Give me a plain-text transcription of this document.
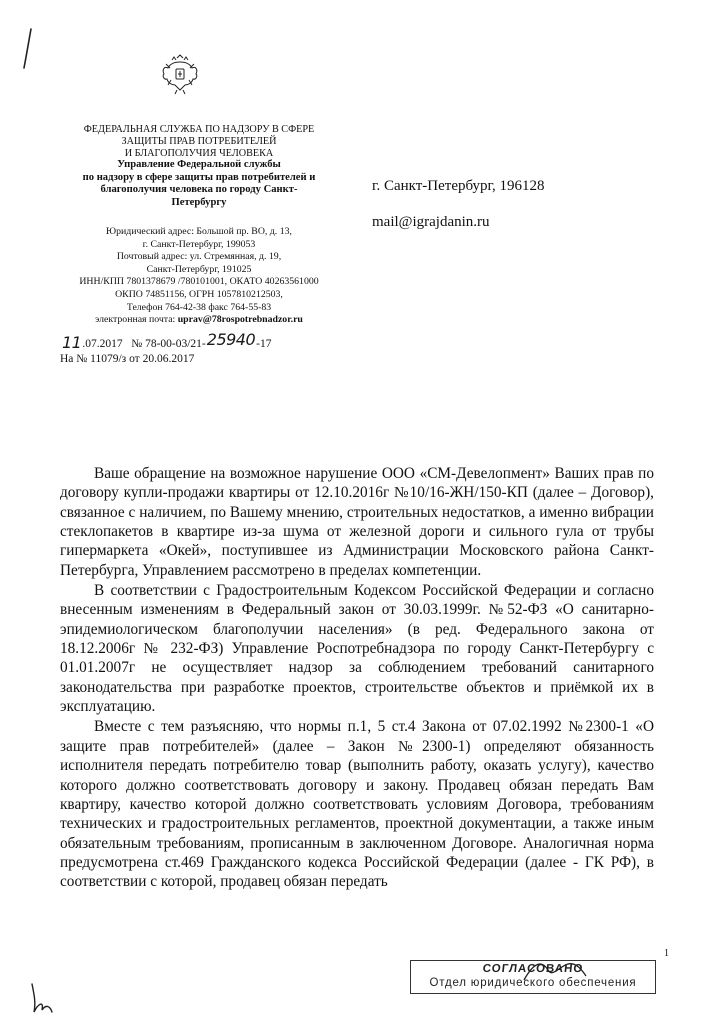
ФЕДЕРАЛЬНАЯ СЛУЖБА ПО НАДЗОРУ В СФЕРЕ
ЗАЩИТЫ ПРАВ ПОТРЕБИТЕЛЕЙ
И БЛАГОПОЛУЧИЯ ЧЕЛОВЕКА
Управление Федеральной службы
по надзору в сфере защиты прав потребителей и
благополучия человека по городу Санкт-
Петербургу
Юридический адрес: Большой пр. ВО, д. 13,
г. Санкт-Петербург, 199053
Почтовый адрес: ул. Стремянная, д. 19,
Санкт-Петербург, 191025
ИНН/КПП 7801378679 /780101001, ОКАТО 40263561000
ОКПО 74851156, ОГРН 1057810212503,
Телефон 764-42-38 факс 764-55-83
электронная почта: uprav@78rospotrebnadzor.ru
г. Санкт-Петербург, 196128
mail@igrajdanin.ru
11.07.2017 № 78-00-03/21-25940-17
На № 11079/з от 20.06.2017

Ваше обращение на возможное нарушение ООО «СМ-Девелопмент» Ваших прав по договору купли-продажи квартиры от 12.10.2016г №10/16-ЖН/150-КП (далее – Договор), связанное с наличием, по Вашему мнению, строительных недостатков, а именно вибрации стеклопакетов в квартире из-за шума от железной дороги и сильного гула от трубы гипермаркета «Окей», поступившее из Администрации Московского района Санкт-Петербурга, Управлением рассмотрено в пределах компетенции.

В соответствии с Градостроительным Кодексом Российской Федерации и согласно внесенным изменениям в Федеральный закон от 30.03.1999г. №52-ФЗ «О санитарно-эпидемиологическом благополучии населения» (в ред. Федерального закона от 18.12.2006г № 232-ФЗ) Управление Роспотребнадзора по городу Санкт-Петербургу с 01.01.2007г не осуществляет надзор за соблюдением требований санитарного законодательства при разработке проектов, строительстве объектов и приёмкой их в эксплуатацию.

Вместе с тем разъясняю, что нормы п.1, 5 ст.4 Закона от 07.02.1992 №2300-1 «О защите прав потребителей» (далее – Закон №2300-1) определяют обязанность исполнителя передать потребителю товар (выполнить работу, оказать услугу), качество которого должно соответствовать договору и закону. Продавец обязан передать Вам квартиру, качество которой должно соответствовать условиям Договора, требованиям технических и градостроительных регламентов, проектной документации, а также иным обязательным требованиям, прописанным в заключенном Договоре. Аналогичная норма предусмотрена ст.469 Гражданского кодекса Российской Федерации (далее - ГК РФ), в соответствии с которой, продавец обязан передать

1
СОГЛАСОВАНО
Отдел юридического обеспечения
